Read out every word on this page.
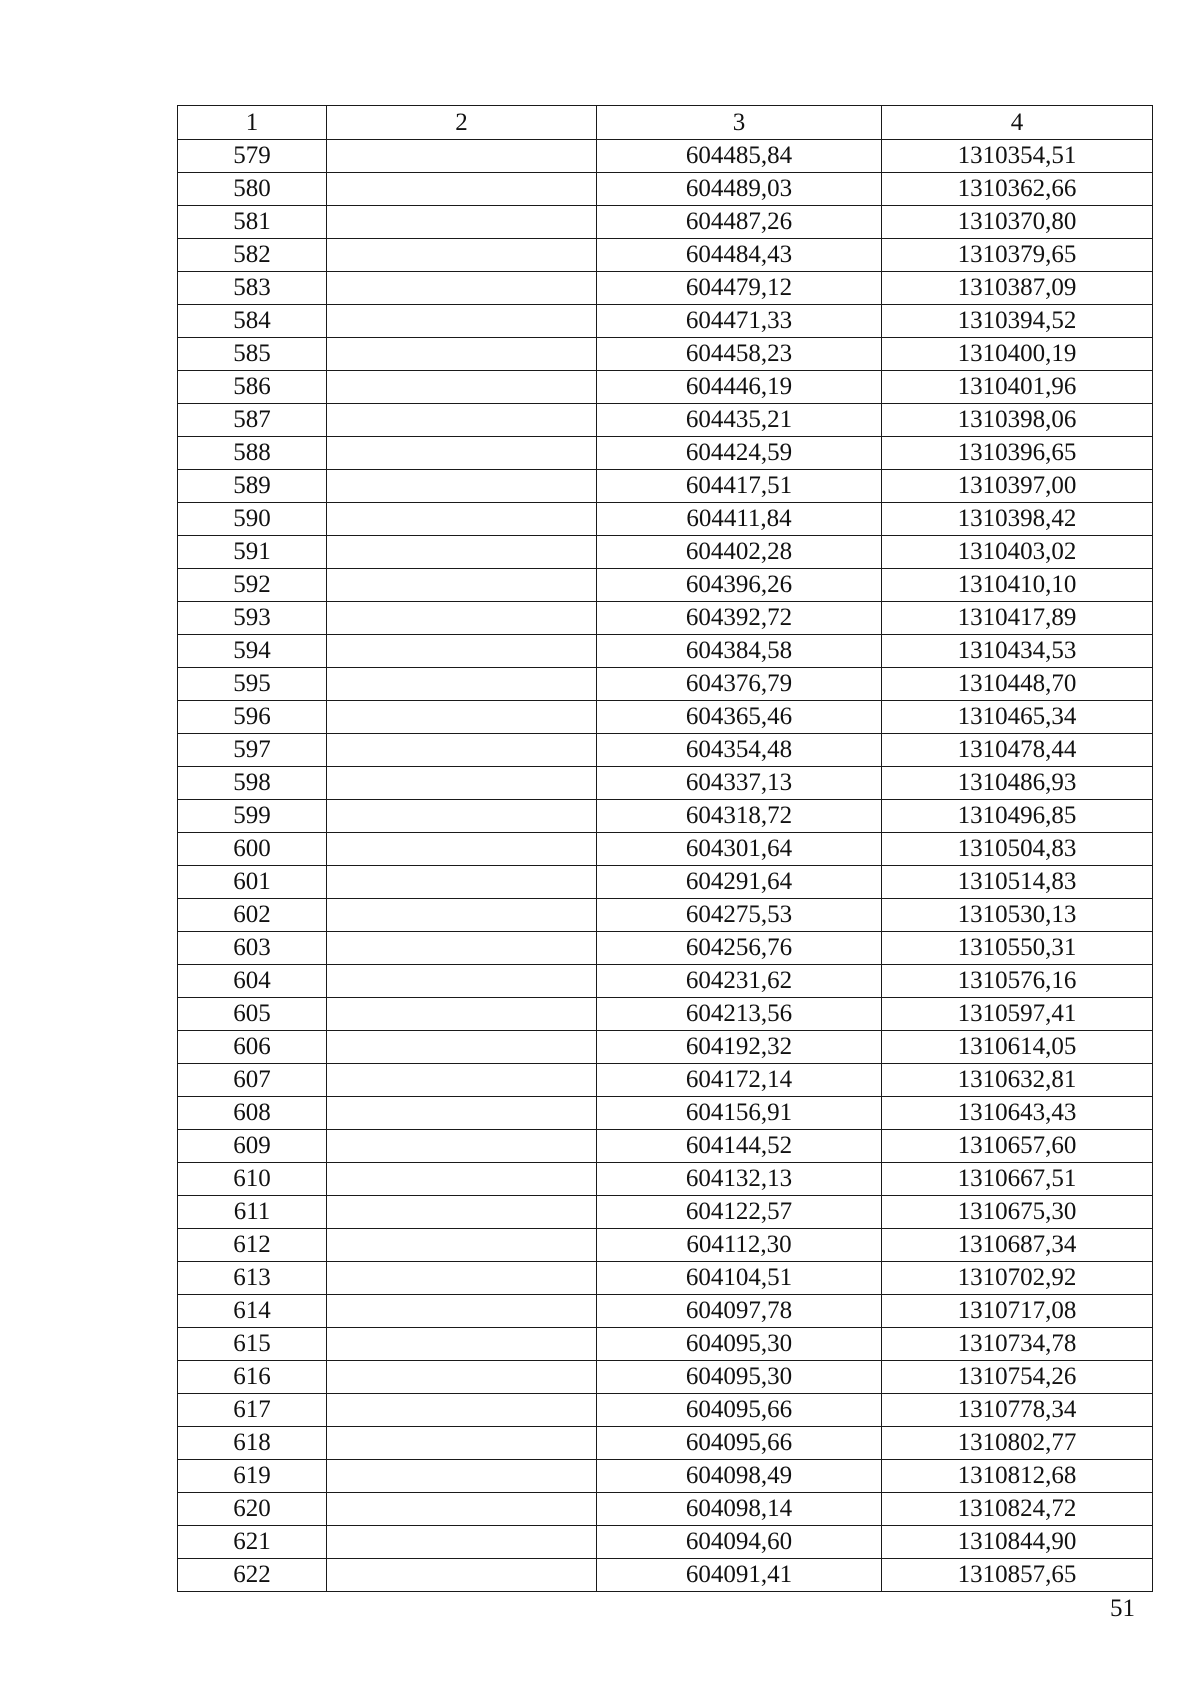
1	2	3	4
579		604485,84	1310354,51
580		604489,03	1310362,66
581		604487,26	1310370,80
582		604484,43	1310379,65
583		604479,12	1310387,09
584		604471,33	1310394,52
585		604458,23	1310400,19
586		604446,19	1310401,96
587		604435,21	1310398,06
588		604424,59	1310396,65
589		604417,51	1310397,00
590		604411,84	1310398,42
591		604402,28	1310403,02
592		604396,26	1310410,10
593		604392,72	1310417,89
594		604384,58	1310434,53
595		604376,79	1310448,70
596		604365,46	1310465,34
597		604354,48	1310478,44
598		604337,13	1310486,93
599		604318,72	1310496,85
600		604301,64	1310504,83
601		604291,64	1310514,83
602		604275,53	1310530,13
603		604256,76	1310550,31
604		604231,62	1310576,16
605		604213,56	1310597,41
606		604192,32	1310614,05
607		604172,14	1310632,81
608		604156,91	1310643,43
609		604144,52	1310657,60
610		604132,13	1310667,51
611		604122,57	1310675,30
612		604112,30	1310687,34
613		604104,51	1310702,92
614		604097,78	1310717,08
615		604095,30	1310734,78
616		604095,30	1310754,26
617		604095,66	1310778,34
618		604095,66	1310802,77
619		604098,49	1310812,68
620		604098,14	1310824,72
621		604094,60	1310844,90
622		604091,41	1310857,65
51
